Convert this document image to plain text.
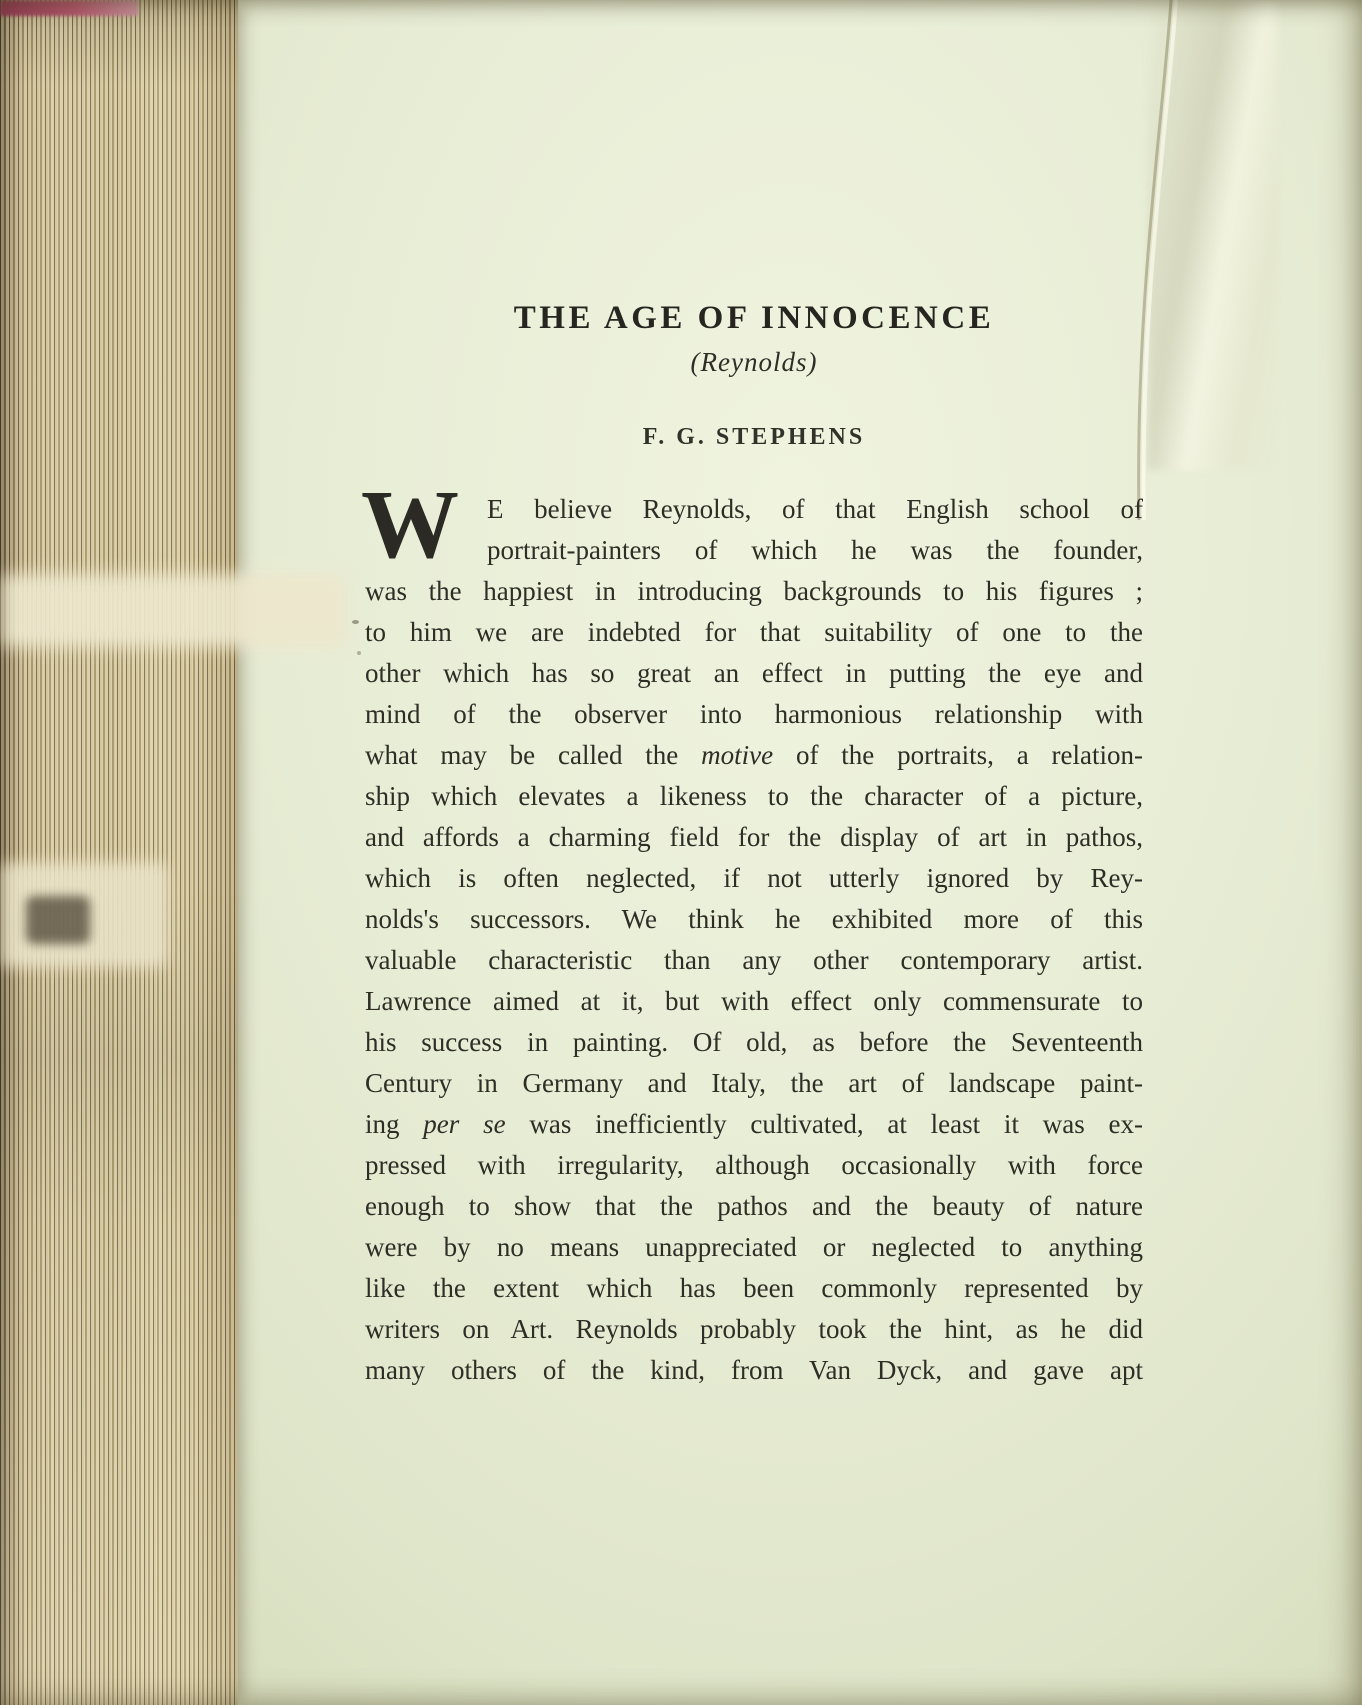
THE AGE OF INNOCENCE
(Reynolds)
F. G. STEPHENS
W	E believe Reynolds, of that English school of
portrait-painters of which he was the founder,
was the happiest in introducing backgrounds to his figures ;
to him we are indebted for that suitability of one to the
other which has so great an effect in putting the eye and
mind of the observer into harmonious relationship with
what may be called the motive of the portraits, a relation-
ship which elevates a likeness to the character of a picture,
and affords a charming field for the display of art in pathos,
which is often neglected, if not utterly ignored by Rey-
nolds's successors. We think he exhibited more of this
valuable characteristic than any other contemporary artist.
Lawrence aimed at it, but with effect only commensurate to
his success in painting. Of old, as before the Seventeenth
Century in Germany and Italy, the art of landscape paint-
ing per se was inefficiently cultivated, at least it was ex-
pressed with irregularity, although occasionally with force
enough to show that the pathos and the beauty of nature
were by no means unappreciated or neglected to anything
like the extent which has been commonly represented by
writers on Art. Reynolds probably took the hint, as he did
many others of the kind, from Van Dyck, and gave apt
